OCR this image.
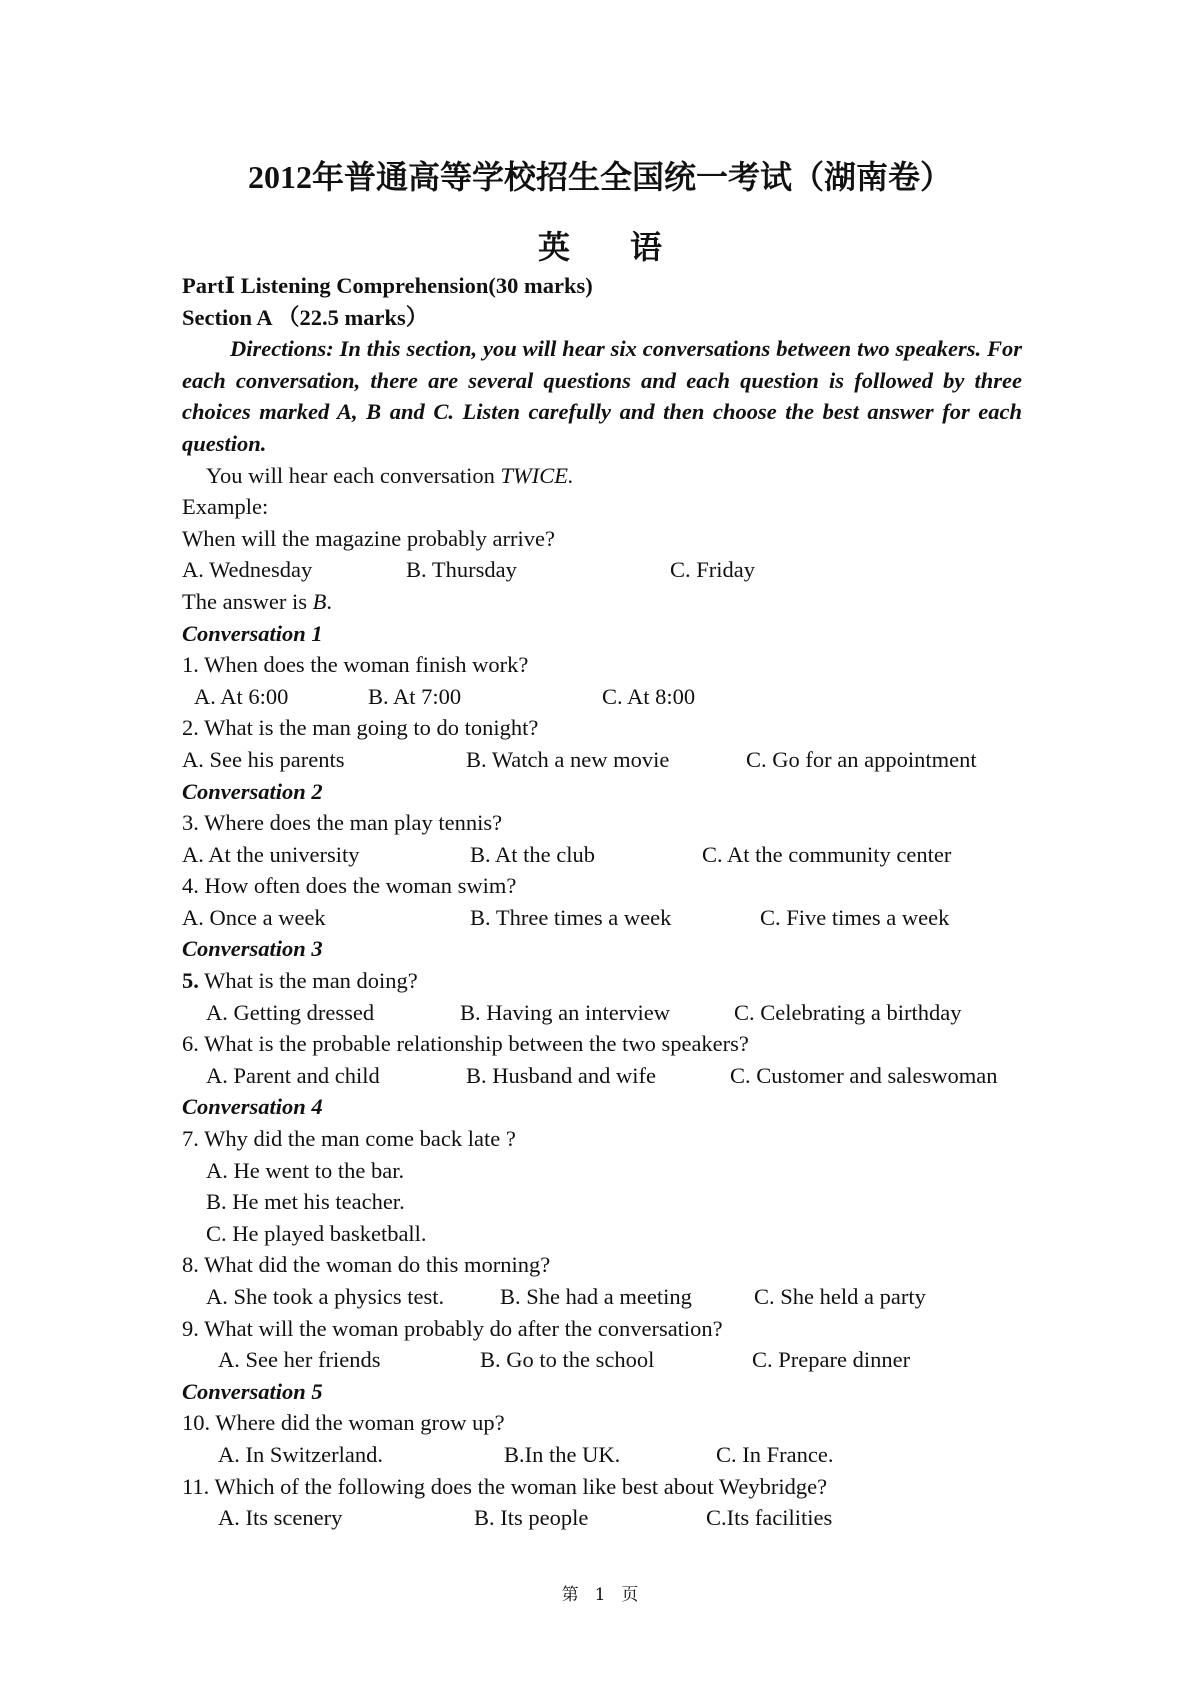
2012年普通高等学校招生全国统一考试（湖南卷）
英语
PartⅠ Listening Comprehension(30 marks)
Section A （22.5 marks）
Directions: In this section, you will hear six conversations between two speakers. For each conversation, there are several questions and each question is followed by three choices marked A, B and C. Listen carefully and then choose the best answer for each question.
You will hear each conversation TWICE.
Example:
When will the magazine probably arrive?
A. Wednesday	B. Thursday	C. Friday
The answer is B.
Conversation 1
1. When does the woman finish work?
A. At 6:00	B. At 7:00	C. At 8:00
2. What is the man going to do tonight?
A. See his parents	B. Watch a new movie	C. Go for an appointment
Conversation 2
3. Where does the man play tennis?
A. At the university	B. At the club	C. At the community center
4. How often does the woman swim?
A. Once a week	B. Three times a week	C. Five times a week
Conversation 3
5. What is the man doing?
A. Getting dressed	B. Having an interview	C. Celebrating a birthday
6. What is the probable relationship between the two speakers?
A. Parent and child	B. Husband and wife	C. Customer and saleswoman
Conversation 4
7. Why did the man come back late ?
A. He went to the bar.
B. He met his teacher.
C. He played basketball.
8. What did the woman do this morning?
A. She took a physics test. B. She had a meeting	C. She held a party
9. What will the woman probably do after the conversation?
A. See her friends	B. Go to the school	C. Prepare dinner
Conversation 5
10. Where did the woman grow up?
A. In Switzerland.	B.In the UK.	C. In France.
11. Which of the following does the woman like best about Weybridge?
A. Its scenery	B. Its people	C.Its facilities
第 1 页
